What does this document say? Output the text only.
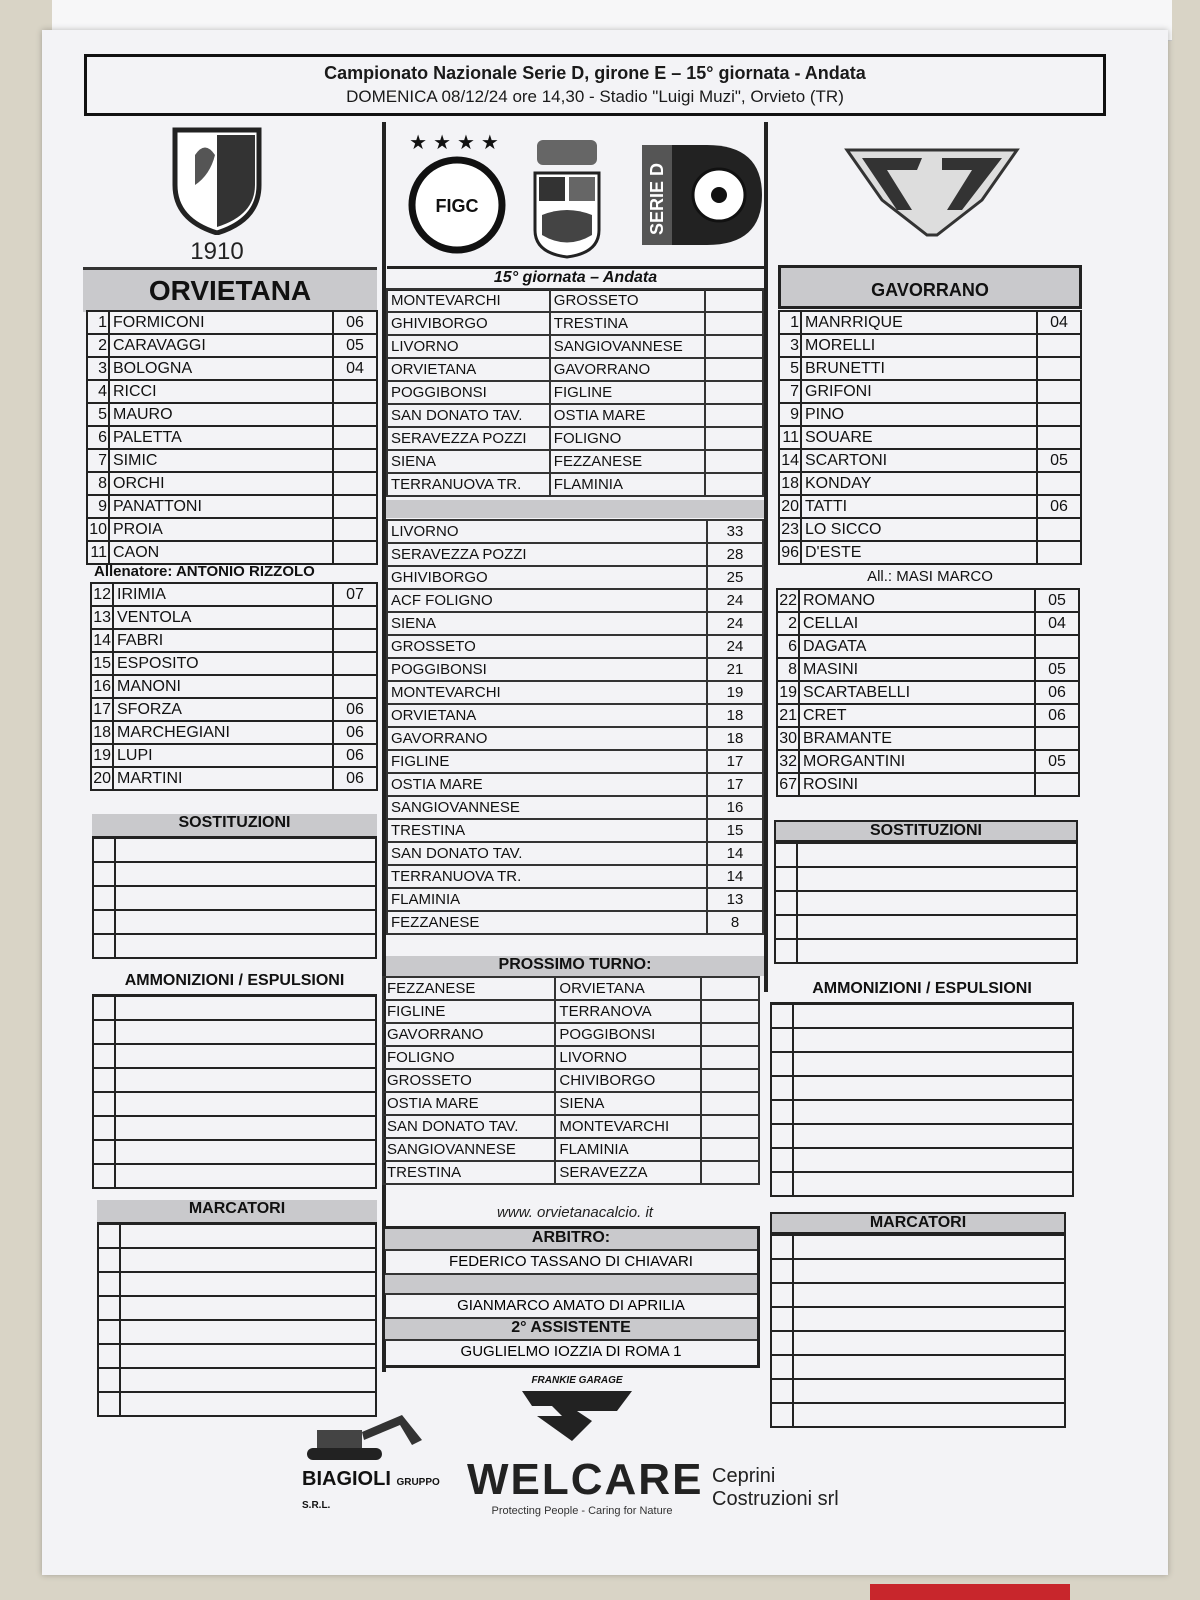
Campionato Nazionale Serie D, girone E – 15° giornata - Andata
DOMENICA 08/12/24 ore 14,30 - Stadio "Luigi Muzi", Orvieto (TR)
1910
★★★★
FIGC	SERIE D
ORVIETANA
1	FORMICONI	06
2	CARAVAGGI	05
3	BOLOGNA	04
4	RICCI	
5	MAURO	
6	PALETTA	
7	SIMIC	
8	ORCHI	
9	PANATTONI	
10	PROIA	
11	CAON	
Allenatore: ANTONIO RIZZOLO
12	IRIMIA	07
13	VENTOLA	
14	FABRI	
15	ESPOSITO	
16	MANONI	
17	SFORZA	06
18	MARCHEGIANI	06
19	LUPI	06
20	MARTINI	06
SOSTITUZIONI

AMMONIZIONI / ESPULSIONI

MARCATORI

15° giornata – Andata
MONTEVARCHI	GROSSETO	
GHIVIBORGO	TRESTINA	
LIVORNO	SANGIOVANNESE	
ORVIETANA	GAVORRANO	
POGGIBONSI	FIGLINE	
SAN DONATO TAV.	OSTIA MARE	
SERAVEZZA POZZI	FOLIGNO	
SIENA	FEZZANESE	
TERRANUOVA TR.	FLAMINIA	
LIVORNO	33
SERAVEZZA POZZI	28
GHIVIBORGO	25
ACF FOLIGNO	24
SIENA	24
GROSSETO	24
POGGIBONSI	21
MONTEVARCHI	19
ORVIETANA	18
GAVORRANO	18
FIGLINE	17
OSTIA MARE	17
SANGIOVANNESE	16
TRESTINA	15
SAN DONATO TAV.	14
TERRANUOVA TR.	14
FLAMINIA	13
FEZZANESE	8
PROSSIMO TURNO:
FEZZANESE	ORVIETANA	
FIGLINE	TERRANOVA	
GAVORRANO	POGGIBONSI	
FOLIGNO	LIVORNO	
GROSSETO	CHIVIBORGO	
OSTIA MARE	SIENA	
SAN DONATO TAV.	MONTEVARCHI	
SANGIOVANNESE	FLAMINIA	
TRESTINA	SERAVEZZA	
www. orvietanacalcio. it
ARBITRO:
FEDERICO TASSANO DI CHIAVARI
GIANMARCO AMATO DI APRILIA
2° ASSISTENTE
GUGLIELMO IOZZIA DI ROMA 1
GAVORRANO
1	MANRRIQUE	04
3	MORELLI	
5	BRUNETTI	
7	GRIFONI	
9	PINO	
11	SOUARE	
14	SCARTONI	05
18	KONDAY	
20	TATTI	06
23	LO SICCO	
96	D'ESTE	
All.: MASI MARCO
22	ROMANO	05
2	CELLAI	04
6	DAGATA	
8	MASINI	05
19	SCARTABELLI	06
21	CRET	06
30	BRAMANTE	
32	MORGANTINI	05
67	ROSINI	
SOSTITUZIONI

AMMONIZIONI / ESPULSIONI

MARCATORI

FRANKIE GARAGE
BIAGIOLI GRUPPO S.R.L.
WELCARE
Protecting People - Caring for Nature
Ceprini
Costruzioni srl
